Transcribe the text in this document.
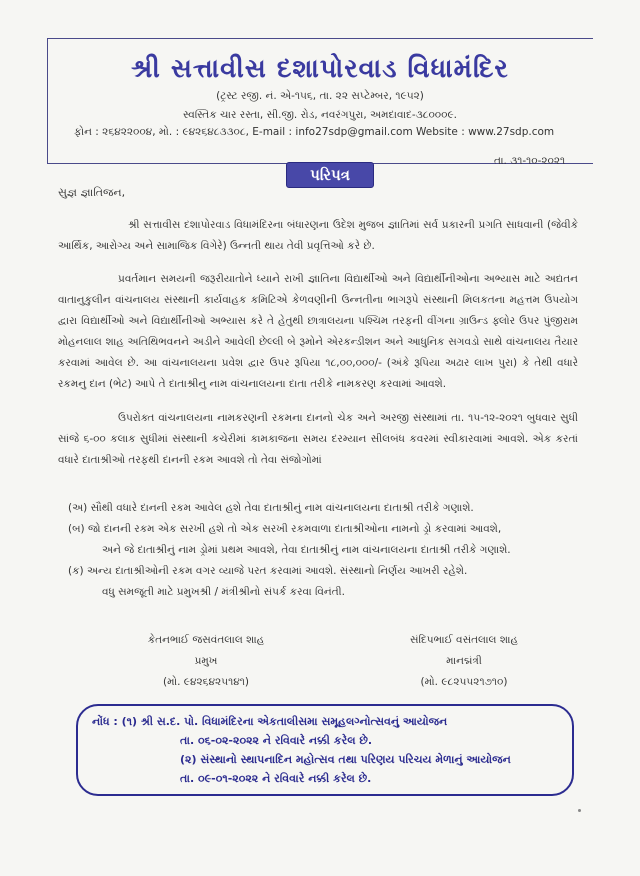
શ્રી સત્તાવીસ દશાપોરવાડ વિધામંદિર
(ટ્રસ્ટ રજી. નં. એ-૧૫૬, તા. ૨૨ સપ્ટેમ્બર, ૧૯૫૨)
સ્વસ્તિક ચાર રસ્તા, સી.જી. રોડ, નવરંગપુરા, અમદાવાદ-૩૮૦૦૦૯.
ફોન : ૨૬૪૨૨૦૦૪, મો. : ૯૪૨૬૪૮૩૩૦૮, E-mail : info27sdp@gmail.com Website : www.27sdp.com
તા. ૩૧-૧૦-૨૦૨૧
પરિપત્ર
સુજ્ઞ જ્ઞાતિજન,

શ્રી સત્તાવીસ દશાપોરવાડ વિધામંદિરના બંધારણના ઉદેશ મુજબ જ્ઞાતિમાં સર્વ પ્રકારની પ્રગતિ સાધવાની (જેવીકે આર્થિક, આરોગ્ય અને સામાજિક વિગેરે) ઉન્નતી થાય તેવી પ્રવૃત્તિઓ કરે છે.

પ્રવર્તમાન સમયની જરૂરીયાતોને ધ્યાને રાખી જ્ઞાતિના વિદ્યાર્થીઓ અને વિદ્યાર્થીનીઓના અભ્યાસ માટે અદ્યતન વાતાનુકુલીન વાંચનાલય સંસ્થાની કાર્યવાહક કમિટિએ કેળવણીની ઉન્નતીના ભાગરૂપે સંસ્થાની મિલકતના મહત્તમ ઉપયોગ દ્વારા વિદ્યાર્થીઓ અને વિદ્યાર્થીનીઓ અભ્યાસ કરે તે હેતુથી છાત્રાલયના પશ્ચિમ તરફની વીંગના ગ્રાઉન્ડ ફ્લોર ઉપર પુંજીરામ મોહનલાલ શાહ અતિથિભવનને અડીને આવેલી છેલ્લી બે રૂમોને એરકન્ડીશન અને આધુનિક સગવડો સાથે વાંચનાલય તૈયાર કરવામાં આવેલ છે. આ વાંચનાલયના પ્રવેશ દ્વાર ઉપર રૂપિયા ૧૮,૦૦,૦૦૦/- (અંકે રૂપિયા અઢાર લાખ પુરા) કે તેથી વધારે રકમનુ દાન (ભેટ) આપે તે દાતાશ્રીનુ નામ વાંચનાલયના દાતા તરીકે નામકરણ કરવામાં આવશે.

ઉપરોક્ત વાંચનાલયના નામકરણની રકમના દાનનો ચેક અને અરજી સંસ્થામાં તા. ૧૫-૧૨-૨૦૨૧ બુધવાર સુધી સાંજે ૬-૦૦ કલાક સુધીમાં સંસ્થાની કચેરીમાં કામકાજના સમય દરમ્યાન સીલબંધ કવરમાં સ્વીકારવામાં આવશે. એક કરતાં વધારે દાતાશ્રીઓ તરફથી દાનની રકમ આવશે તો તેવા સંજોગોમાં

(અ) સૌથી વધારે દાનની રકમ આવેલ હશે તેવા દાતાશ્રીનું નામ વાંચનાલયના દાતાશ્રી તરીકે ગણાશે.
(બ) જો દાનની રકમ એક સરખી હશે તો એક સરખી રકમવાળા દાતાશ્રીઓના નામનો ડ્રો કરવામાં આવશે,
અને જે દાતાશ્રીનું નામ ડ્રોમાં પ્રથમ આવશે, તેવા દાતાશ્રીનું નામ વાંચનાલયના દાતાશ્રી તરીકે ગણાશે.
(ક) અન્ય દાતાશ્રીઓની રકમ વગર વ્યાજે પરત કરવામાં આવશે. સંસ્થાનો નિર્ણય આખરી રહેશે.
વધુ સમજૂતી માટે પ્રમુખશ્રી / મંત્રીશ્રીનો સંપર્ક કરવા વિનંતી.
કેતનભાઈ જસવંતલાલ શાહ
પ્રમુખ
(મો. ૯૪૨૬૪૨૫૧૪૧)
સંદિપભાઈ વસંતલાલ શાહ
માનદ્મંત્રી
(મો. ૯૮૨૫૫૨૧૭૧૦)
નોંધ : (૧) શ્રી સ.દ. પો. વિધામંદિરના એકતાલીસમા સમૂહલગ્નોત્સવનું આયોજન
તા. ૦૬-૦૨-૨૦૨૨ ને રવિવારે નક્કી કરેલ છે.
(૨) સંસ્થાનો સ્થાપનાદિન મહોત્સવ તથા પરિણય પરિચય મેળાનું આયોજન
તા. ૦૯-૦૧-૨૦૨૨ ને રવિવારે નક્કી કરેલ છે.
